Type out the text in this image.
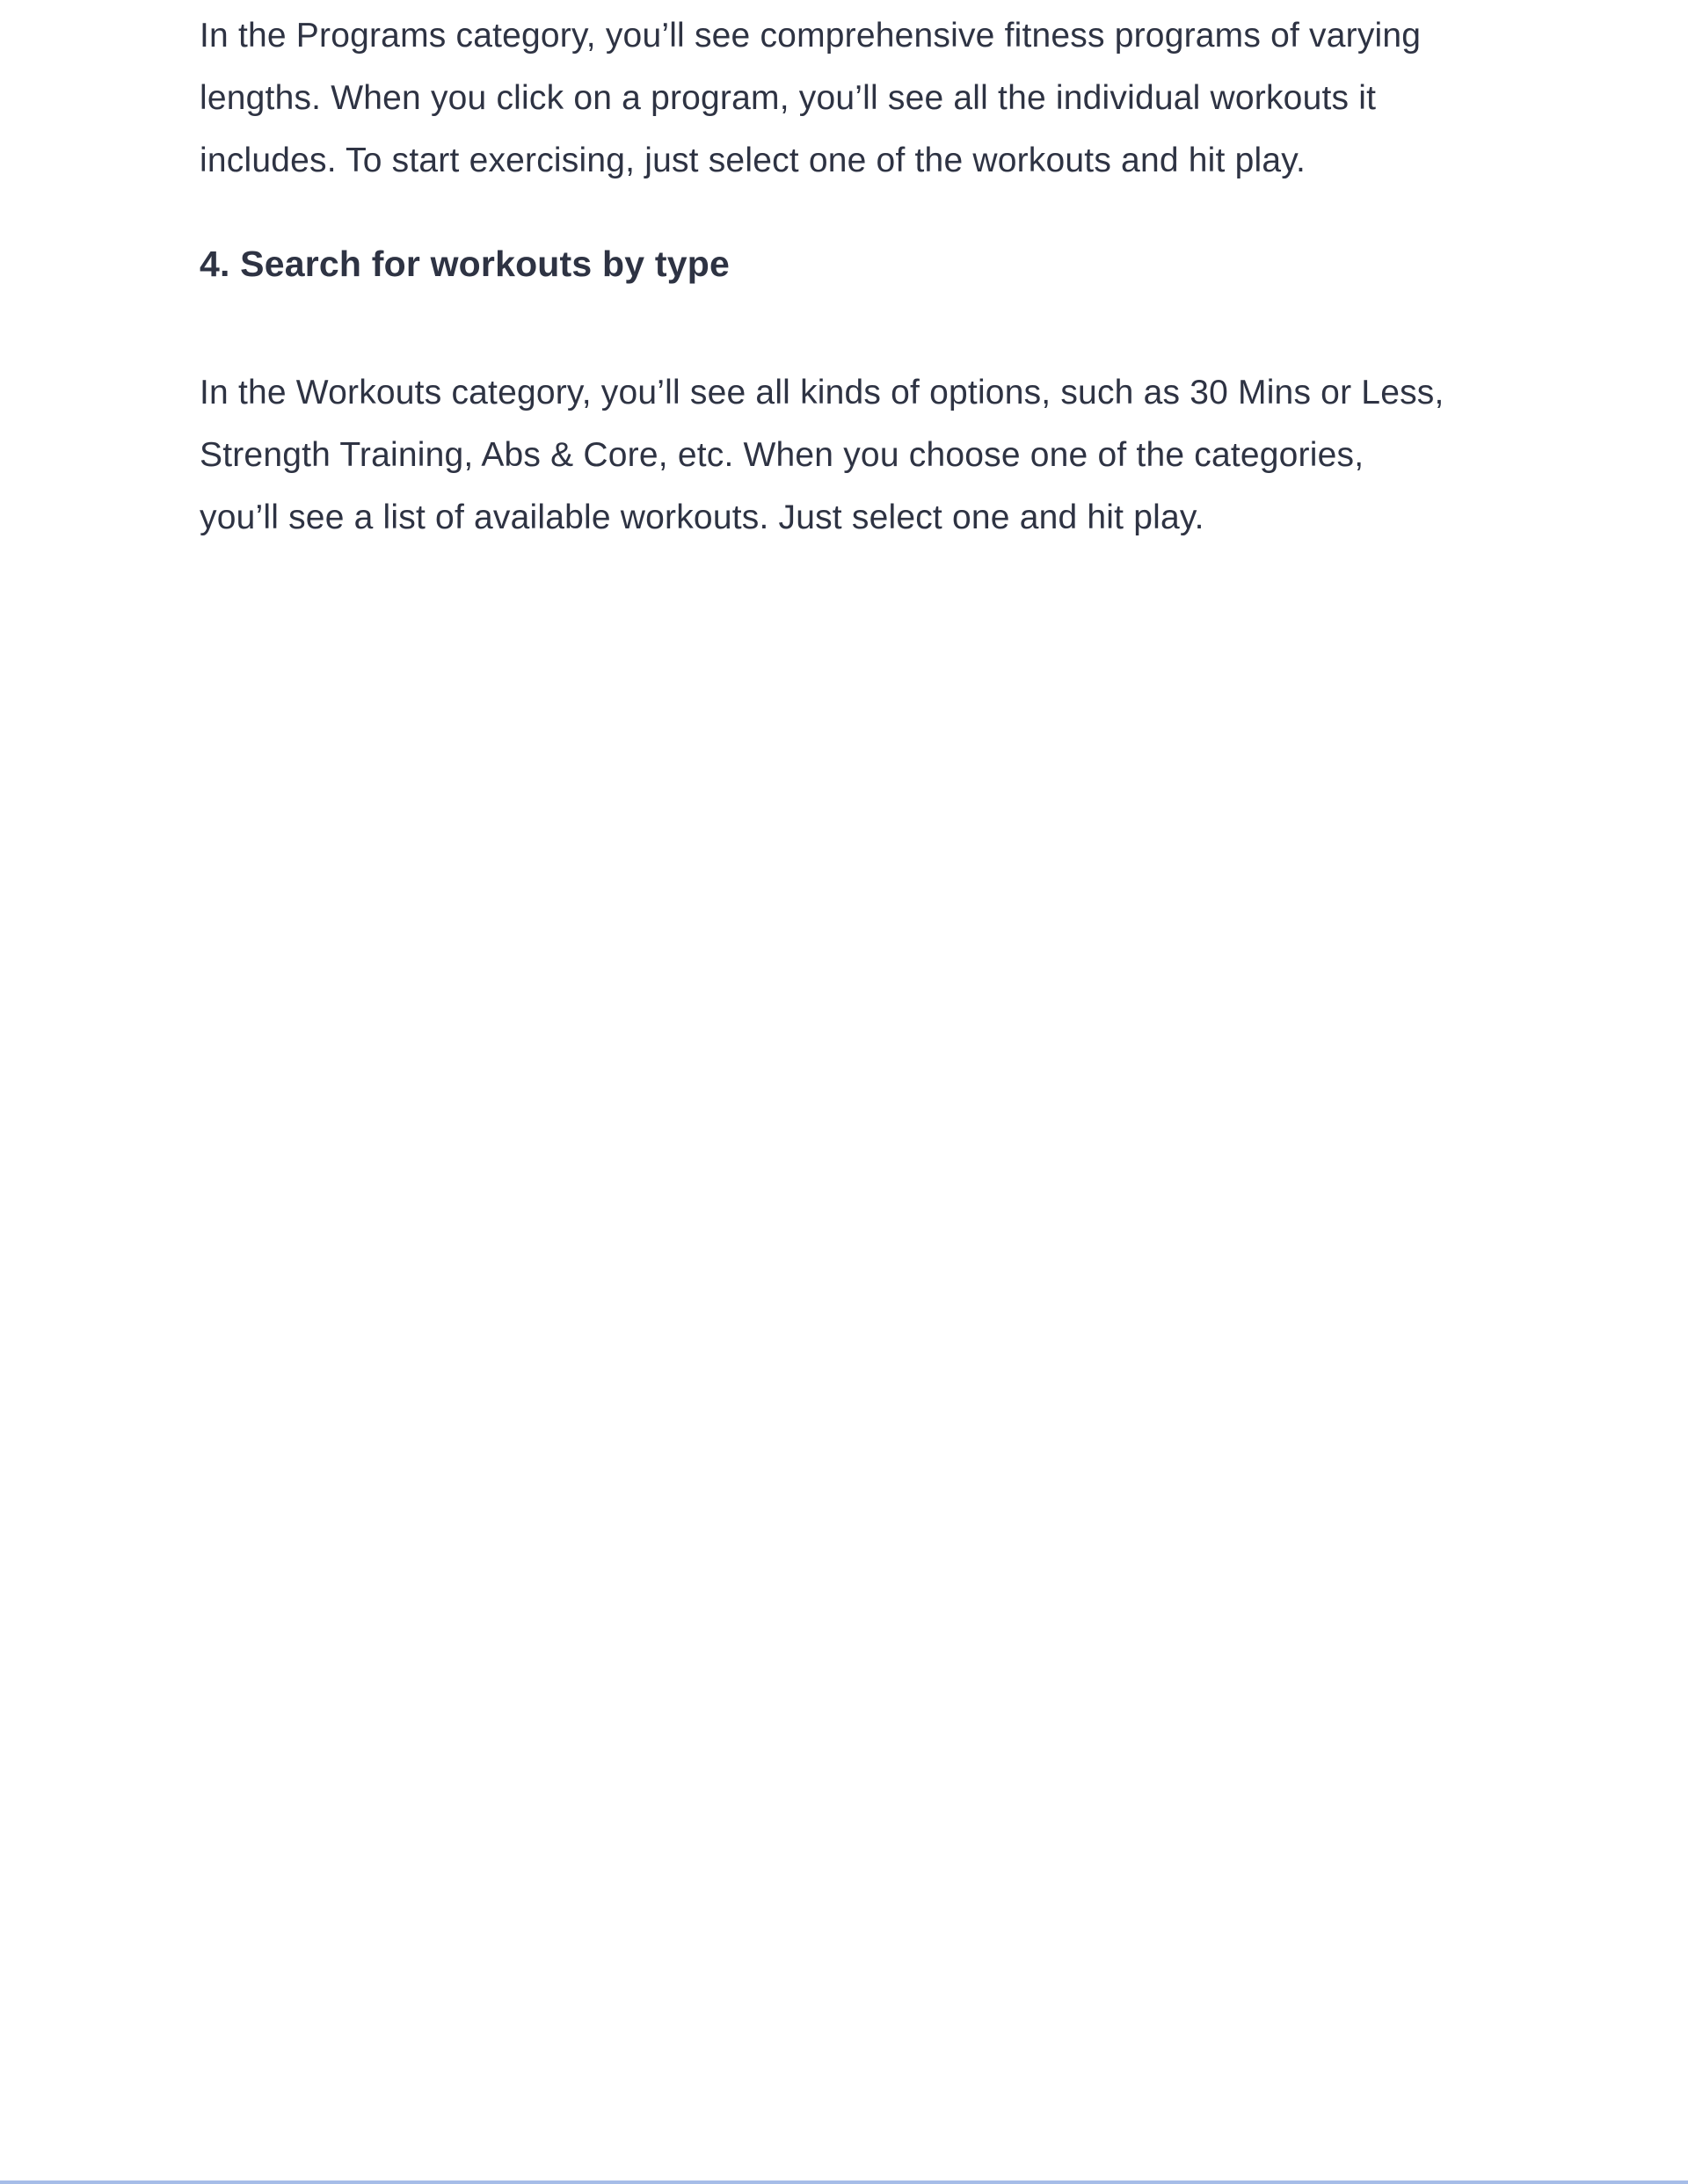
In the Programs category, you’ll see comprehensive fitness programs of varying
lengths. When you click on a program, you’ll see all the individual workouts it
includes. To start exercising, just select one of the workouts and hit play.

4. Search for workouts by type

In the Workouts category, you’ll see all kinds of options, such as 30 Mins or Less,
Strength Training, Abs & Core, etc. When you choose one of the categories,
you’ll see a list of available workouts. Just select one and hit play.
